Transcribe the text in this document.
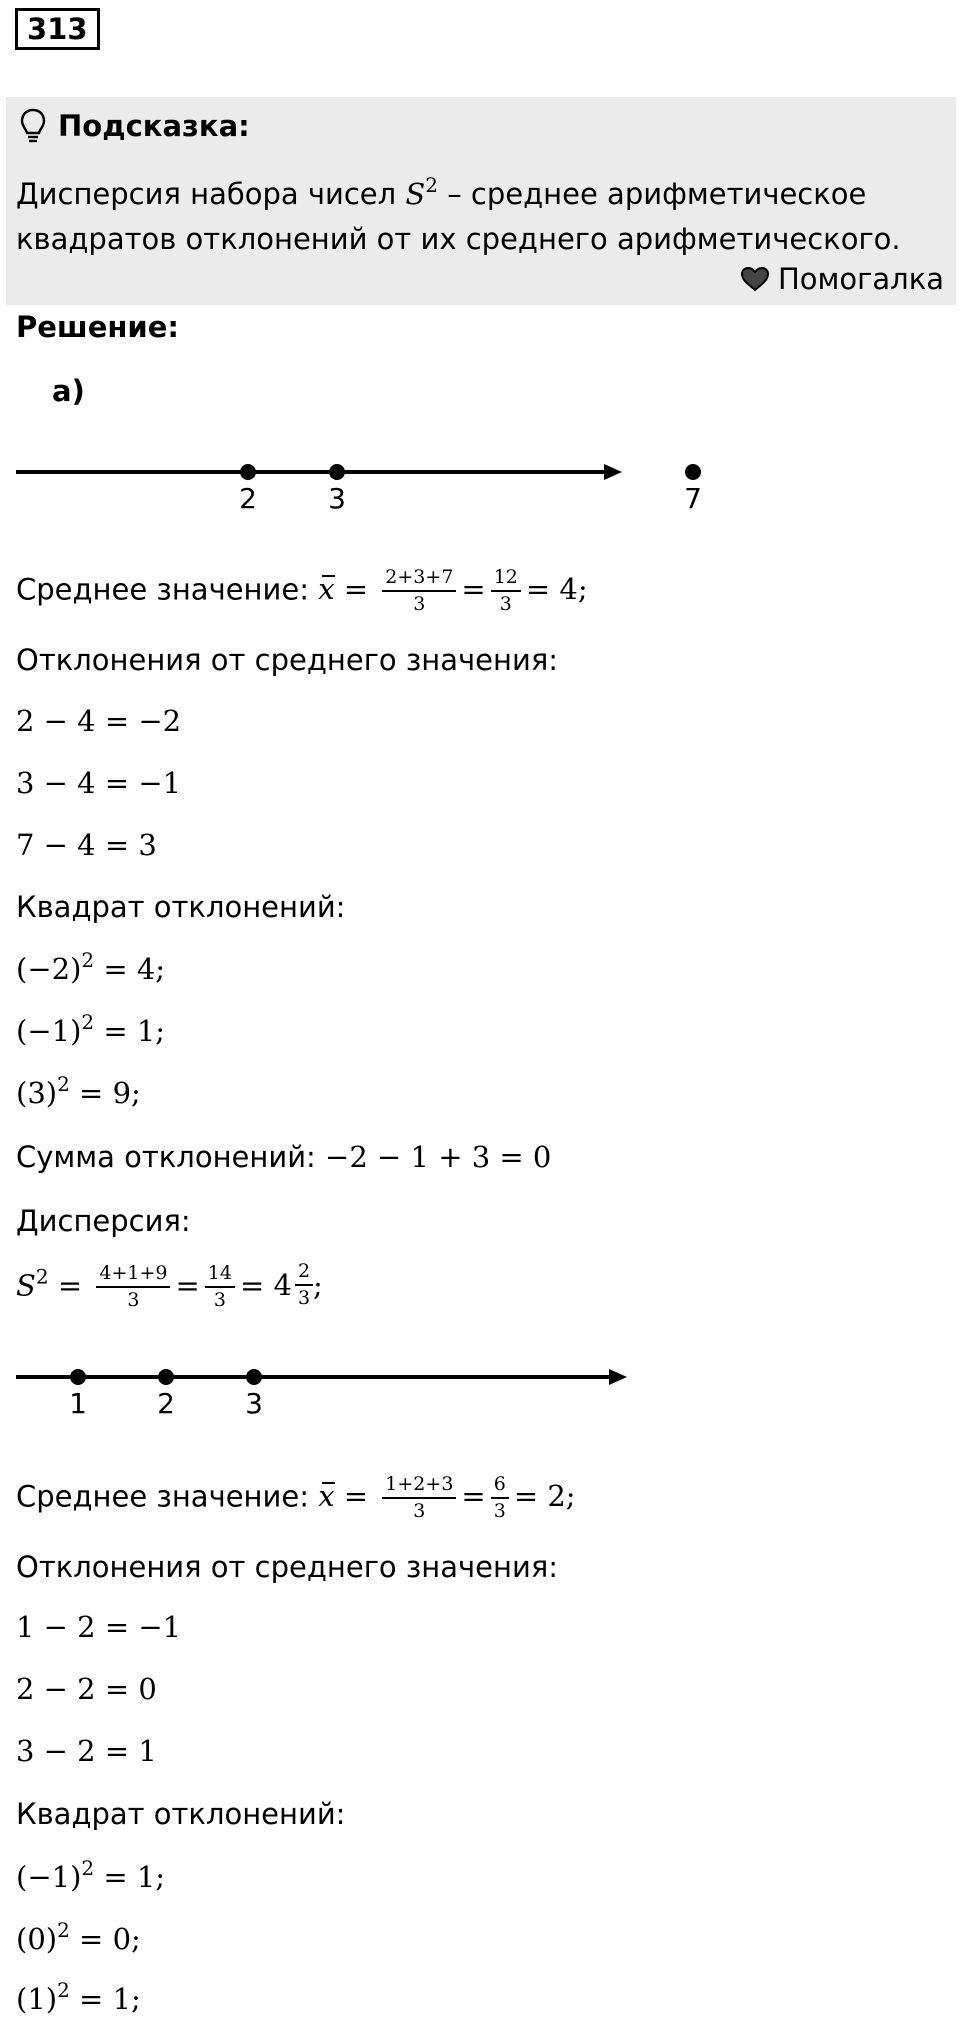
313
Подсказка:
Дисперсия набора чисел $S^2$ – среднее арифметическое
квадратов отклонений от их среднего арифметического.
Помогалка
Решение:
а)
2	3	7
Среднее значение: $x = \frac{2+3+7}{3} = \frac{12}{3} = 4$;
Отклонения от среднего значения:
2 − 4 = −2
3 − 4 = −1
7 − 4 = 3
Квадрат отклонений:
$(-2)^2 = 4$;
$(-1)^2 = 1$;
$(3)^2 = 9$;
Сумма отклонений: −2 − 1 + 3 = 0
Дисперсия:
$S^2 = \frac{4+1+9}{3} = \frac{14}{3} = 4 \frac{2}{3}$ ;
1	2	3
Среднее значение: $x = \frac{1+2+3}{3} = \frac{6}{3} = 2$;
Отклонения от среднего значения:
1 − 2 = −1
2 − 2 = 0
3 − 2 = 1
Квадрат отклонений:
$(-1)^2 = 1$;
$(0)^2 = 0$;
$(1)^2 = 1$;
